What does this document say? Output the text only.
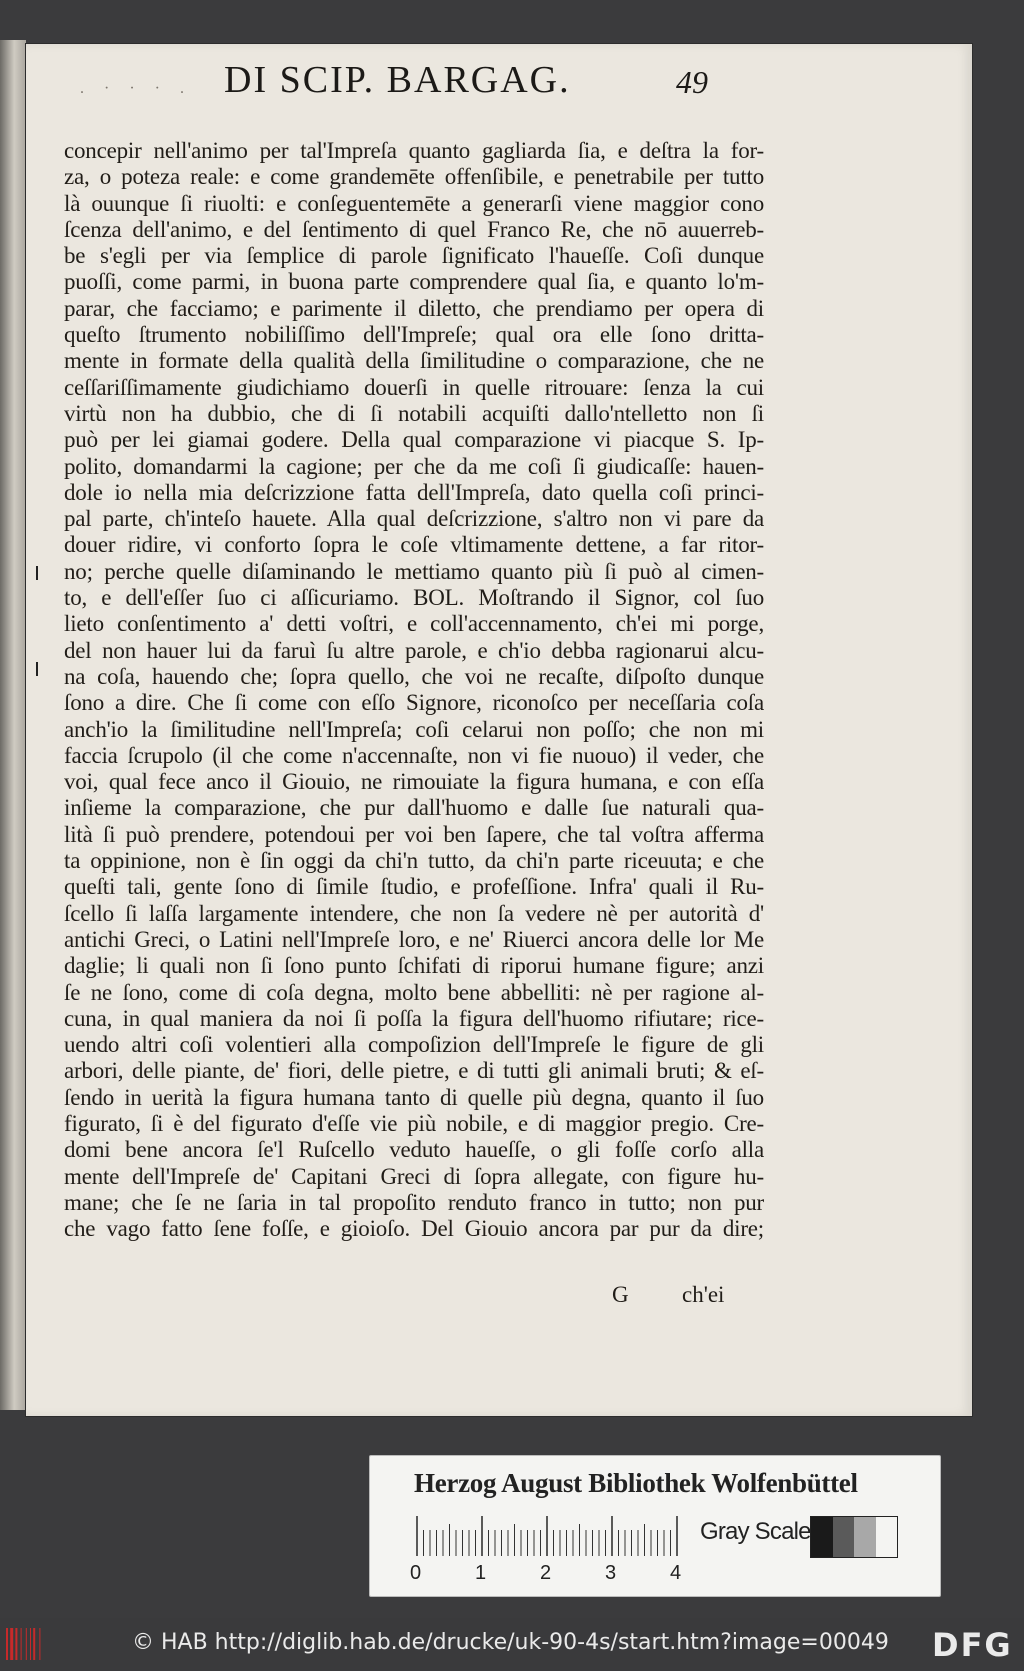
. · · · . DI SCIP. BARGAG.	49
concepir nell'animo per tal'Impreſa quanto gagliarda ſia, e deſtra la for-
za, o poteza reale: e come grandemēte offenſibile, e penetrabile per tutto
là ouunque ſi riuolti: e conſeguentemēte a generarſi viene maggior cono
ſcenza dell'animo, e del ſentimento di quel Franco Re, che nō auuerreb-
be s'egli per via ſemplice di parole ſignificato l'haueſſe. Coſi dunque
puoſſi, come parmi, in buona parte comprendere qual ſia, e quanto lo'm-
parar, che facciamo; e parimente il diletto, che prendiamo per opera di
queſto ſtrumento nobiliſſimo dell'Impreſe; qual ora elle ſono dritta-
mente in formate della qualità della ſimilitudine o comparazione, che ne
ceſſariſſimamente giudichiamo douerſi in quelle ritrouare: ſenza la cui
virtù non ha dubbio, che di ſi notabili acquiſti dallo'ntelletto non ſi
può per lei giamai godere. Della qual comparazione vi piacque S. Ip-
polito, domandarmi la cagione; per che da me coſi ſi giudicaſſe: hauen-
dole io nella mia deſcrizzione fatta dell'Impreſa, dato quella coſi princi-
pal parte, ch'inteſo hauete. Alla qual deſcrizzione, s'altro non vi pare da
douer ridire, vi conforto ſopra le coſe vltimamente dettene, a far ritor-
no; perche quelle diſaminando le mettiamo quanto più ſi può al cimen-
to, e dell'eſſer ſuo ci aſſicuriamo. BOL. Moſtrando il Signor, col ſuo
lieto conſentimento a' detti voſtri, e coll'accennamento, ch'ei mi porge,
del non hauer lui da faruì ſu altre parole, e ch'io debba ragionarui alcu-
na coſa, hauendo che; ſopra quello, che voi ne recaſte, diſpoſto dunque
ſono a dire. Che ſi come con eſſo Signore, riconoſco per neceſſaria coſa
anch'io la ſimilitudine nell'Impreſa; coſi celarui non poſſo; che non mi
faccia ſcrupolo (il che come n'accennaſte, non vi fie nuouo) il veder, che
voi, qual fece anco il Giouio, ne rimouiate la figura humana, e con eſſa
inſieme la comparazione, che pur dall'huomo e dalle ſue naturali qua-
lità ſi può prendere, potendoui per voi ben ſapere, che tal voſtra afferma
ta oppinione, non è ſin oggi da chi'n tutto, da chi'n parte riceuuta; e che
queſti tali, gente ſono di ſimile ſtudio, e profeſſione. Infra' quali il Ru-
ſcello ſi laſſa largamente intendere, che non ſa vedere nè per autorità d'
antichi Greci, o Latini nell'Impreſe loro, e ne' Riuerci ancora delle lor Me
daglie; li quali non ſi ſono punto ſchifati di riporui humane figure; anzi
ſe ne ſono, come di coſa degna, molto bene abbelliti: nè per ragione al-
cuna, in qual maniera da noi ſi poſſa la figura dell'huomo rifiutare; rice-
uendo altri coſi volentieri alla compoſizion dell'Impreſe le figure de gli
arbori, delle piante, de' fiori, delle pietre, e di tutti gli animali bruti; & eſ-
ſendo in uerità la figura humana tanto di quelle più degna, quanto il ſuo
figurato, ſi è del figurato d'eſſe vie più nobile, e di maggior pregio. Cre-
domi bene ancora ſe'l Ruſcello veduto haueſſe, o gli foſſe corſo alla
mente dell'Impreſe de' Capitani Greci di ſopra allegate, con figure hu-
mane; che ſe ne ſaria in tal propoſito renduto franco in tutto; non pur
che vago fatto ſene foſſe, e gioioſo. Del Giouio ancora par pur da dire;
G ch'ei
Herzog August Bibliothek Wolfenbüttel
0	1	2	3	4
Gray Scale
© HAB http://diglib.hab.de/drucke/uk-90-4s/start.htm?image=00049 DFG
